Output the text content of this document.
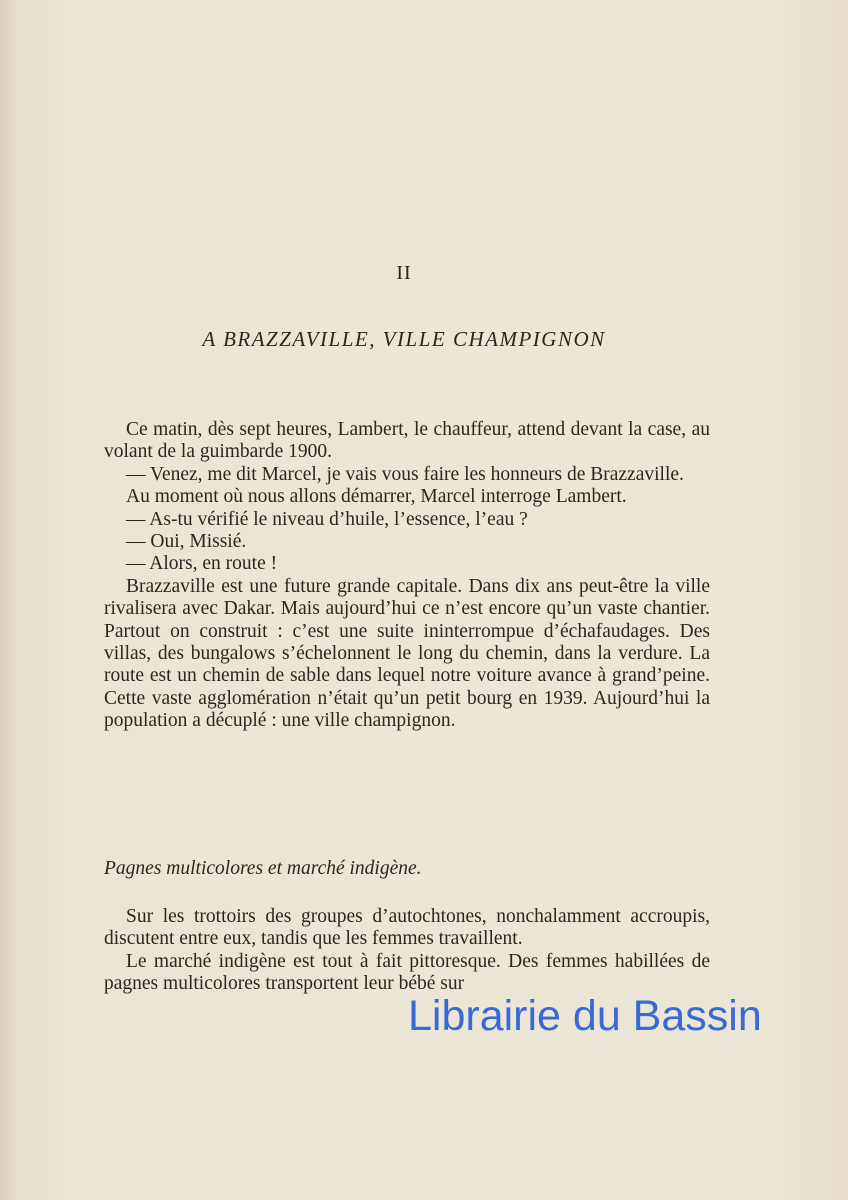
II
A BRAZZAVILLE, VILLE CHAMPIGNON

Ce matin, dès sept heures, Lambert, le chauffeur, attend devant la case, au volant de la guimbarde 1900.

— Venez, me dit Marcel, je vais vous faire les honneurs de Brazzaville.

Au moment où nous allons démarrer, Marcel interroge Lambert.

— As-tu vérifié le niveau d’huile, l’essence, l’eau ?

— Oui, Missié.

— Alors, en route !

Brazzaville est une future grande capitale. Dans dix ans peut-être la ville rivalisera avec Dakar. Mais aujourd’hui ce n’est encore qu’un vaste chantier. Partout on construit : c’est une suite ininterrompue d’échafaudages. Des villas, des bungalows s’échelonnent le long du chemin, dans la verdure. La route est un chemin de sable dans lequel notre voiture avance à grand’peine. Cette vaste agglomération n’était qu’un petit bourg en 1939. Aujourd’hui la population a décuplé : une ville champignon.

Pagnes multicolores et marché indigène.

Sur les trottoirs des groupes d’autochtones, nonchalamment accroupis, discutent entre eux, tandis que les femmes travaillent.

Le marché indigène est tout à fait pittoresque. Des femmes habillées de pagnes multicolores transportent leur bébé sur

Librairie du Bassin
